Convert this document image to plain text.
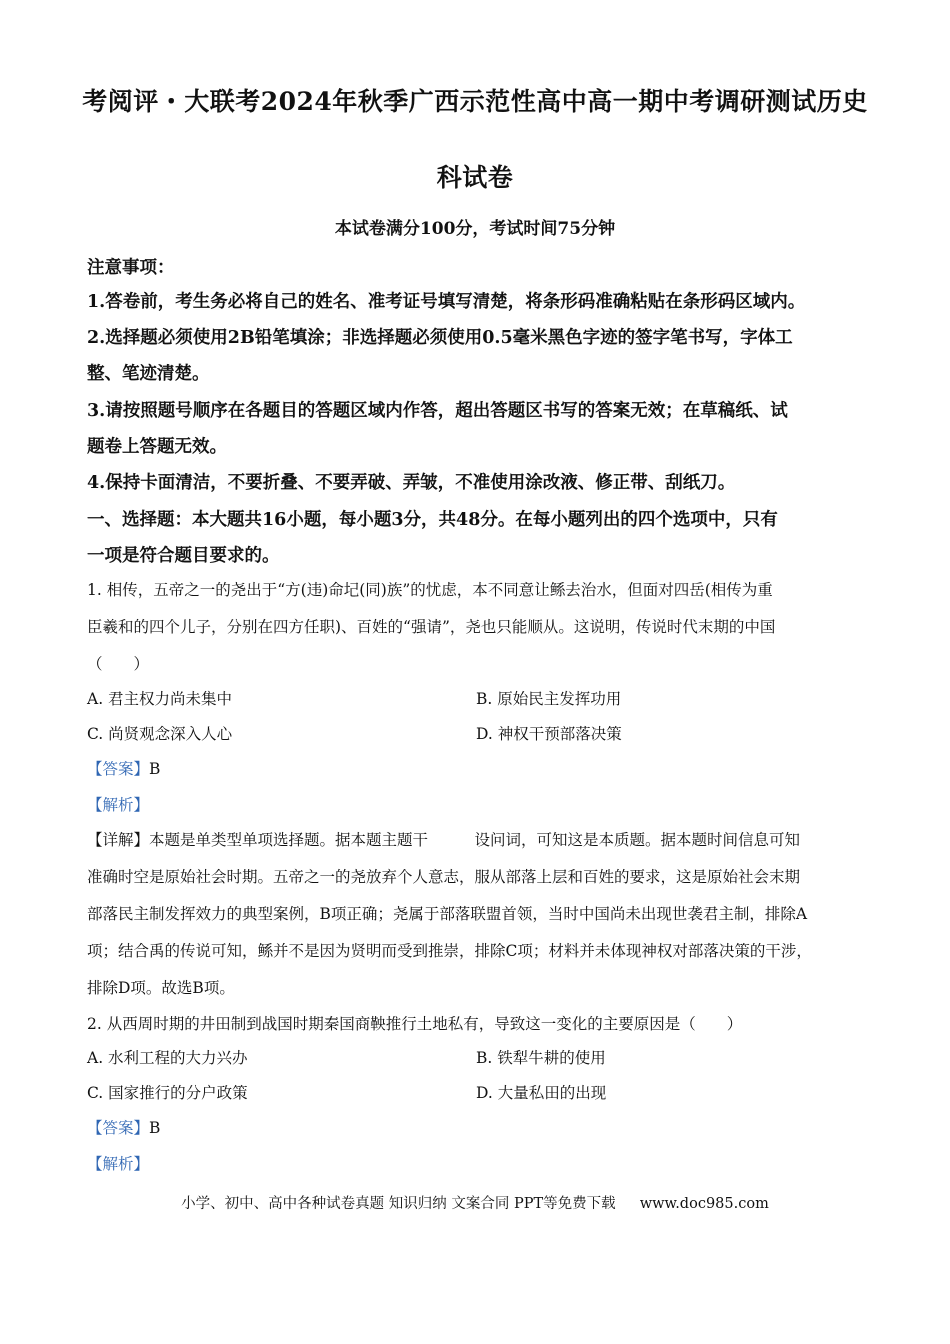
考阅评・大联考2024年秋季广西示范性高中高一期中考调研测试历史
科试卷
本试卷满分100分，考试时间75分钟
注意事项：
1.答卷前，考生务必将自己的姓名、准考证号填写清楚，将条形码准确粘贴在条形码区域内。
2.选择题必须使用2B铅笔填涂；非选择题必须使用0.5毫米黑色字迹的签字笔书写，字体工
整、笔迹清楚。
3.请按照题号顺序在各题目的答题区域内作答，超出答题区书写的答案无效；在草稿纸、试
题卷上答题无效。
4.保持卡面清洁，不要折叠、不要弄破、弄皱，不准使用涂改液、修正带、刮纸刀。
一、选择题：本大题共16小题，每小题3分，共48分。在每小题列出的四个选项中，只有
一项是符合题目要求的。
1. 相传，五帝之一的尧出于“方(违)命圮(同)族”的忧虑，本不同意让鲧去治水，但面对四岳(相传为重
臣羲和的四个儿子，分别在四方任职)、百姓的“强请”，尧也只能顺从。这说明，传说时代末期的中国
（　　）
A. 君主权力尚未集中	B. 原始民主发挥功用
C. 尚贤观念深入人心	D. 神权干预部落决策
【答案】B
【解析】
【详解】本题是单类型单项选择题。据本题主题干　　　设问词，可知这是本质题。据本题时间信息可知
准确时空是原始社会时期。五帝之一的尧放弃个人意志，服从部落上层和百姓的要求，这是原始社会末期
部落民主制发挥效力的典型案例，B项正确；尧属于部落联盟首领，当时中国尚未出现世袭君主制，排除A
项；结合禹的传说可知，鲧并不是因为贤明而受到推崇，排除C项；材料并未体现神权对部落决策的干涉，
排除D项。故选B项。
2. 从西周时期的井田制到战国时期秦国商鞅推行土地私有，导致这一变化的主要原因是（　　）
A. 水利工程的大力兴办	B. 铁犁牛耕的使用
C. 国家推行的分户政策	D. 大量私田的出现
【答案】B
【解析】
小学、初中、高中各种试卷真题 知识归纳 文案合同 PPT等免费下载 www.doc985.com
